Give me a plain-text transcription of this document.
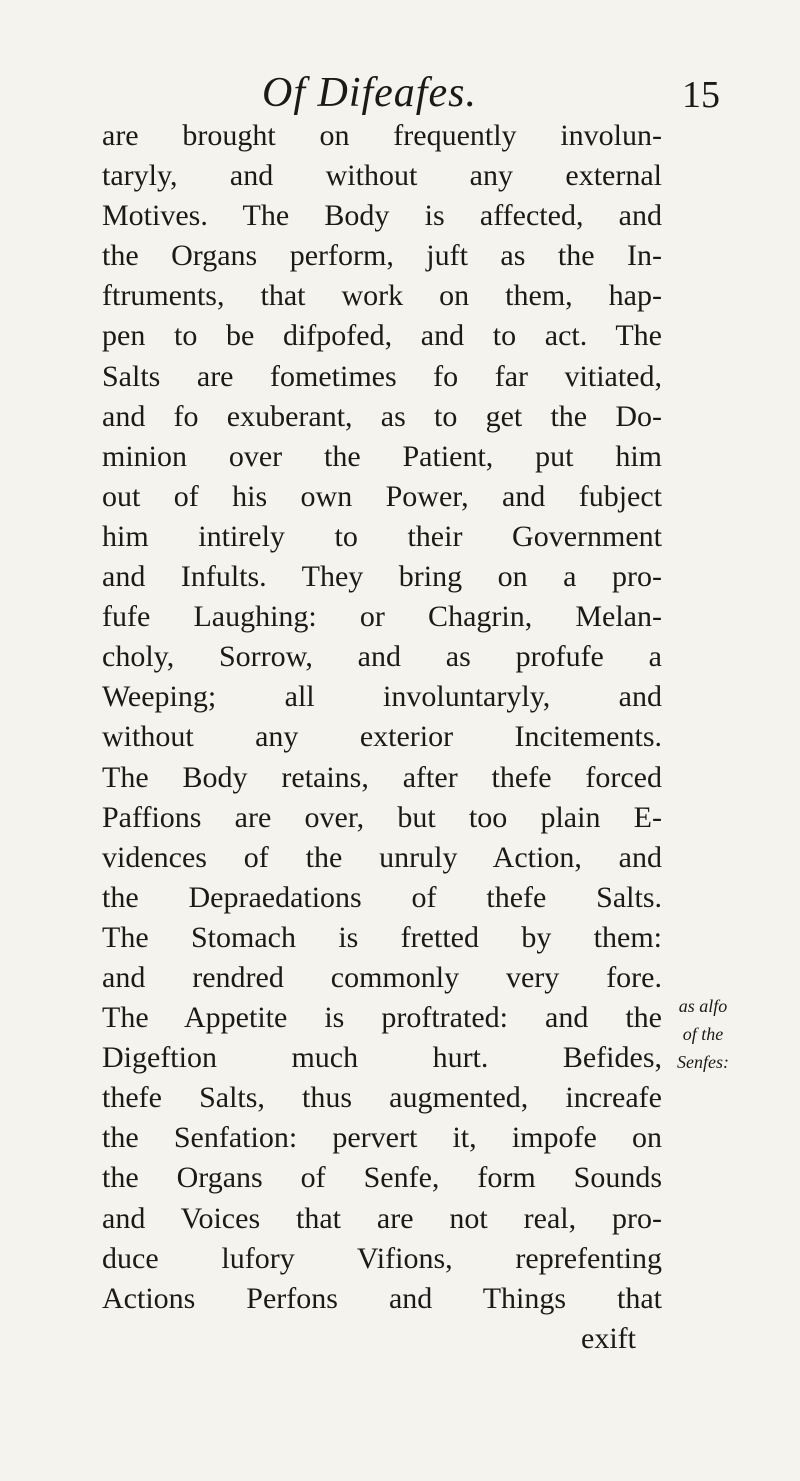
Of Difeafes.	15
are brought on frequently involun-
taryly, and without any external
Motives. The Body is affected, and
the Organs perform, juft as the In-
ftruments, that work on them, hap-
pen to be difpofed, and to act. The
Salts are fometimes fo far vitiated,
and fo exuberant, as to get the Do-
minion over the Patient, put him
out of his own Power, and fubject
him intirely to their Government
and Infults. They bring on a pro-
fufe Laughing: or Chagrin, Melan-
choly, Sorrow, and as profufe a
Weeping; all involuntaryly, and
without any exterior Incitements.
The Body retains, after thefe forced
Paffions are over, but too plain E-
vidences of the unruly Action, and
the Depraedations of thefe Salts.
The Stomach is fretted by them:
and rendred commonly very fore.
The Appetite is proftrated: and the
Digeftion much hurt. Befides,
thefe Salts, thus augmented, increafe
the Senfation: pervert it, impofe on
the Organs of Senfe, form Sounds
and Voices that are not real, pro-
duce lufory Vifions, reprefenting
Actions Perfons and Things that
exift
as alfo
of the
Senfes:
